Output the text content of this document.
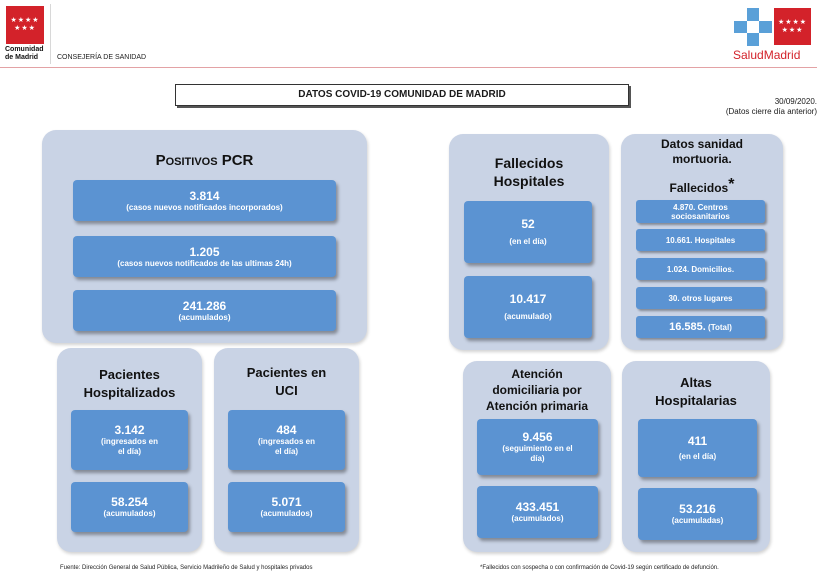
★★★★
★★★
Comunidad
de Madrid	CONSEJERÍA DE SANIDAD
★★★★
★★★
SaludMadrid
DATOS COVID-19 COMUNIDAD DE MADRID
30/09/2020.
(Datos cierre día anterior)
Positivos PCR
3.814
(casos nuevos notificados incorporados)
1.205
(casos nuevos notificados de las ultimas 24h)
241.286
(acumulados)
Pacientes
Hospitalizados
3.142
(ingresados en
el día)
58.254
(acumulados)
Pacientes en
UCI
484
(ingresados en
el día)
5.071
(acumulados)
Fallecidos
Hospitales
52
(en el día)
10.417
(acumulado)
Datos sanidad
mortuoria.
Fallecidos*
4.870. Centros
sociosanitarios
10.661. Hospitales
1.024. Domicilios.
30. otros lugares
16.585.
(Total)
Atención
domiciliaria por
Atención primaria
9.456
(seguimiento en el
día)
433.451
(acumulados)
Altas
Hospitalarias
411
(en el día)
53.216
(acumuladas)
Fuente: Dirección General de Salud Pública, Servicio Madrileño de Salud y hospitales privados	*Fallecidos con sospecha o con confirmación de Covid-19 según certificado de defunción.
